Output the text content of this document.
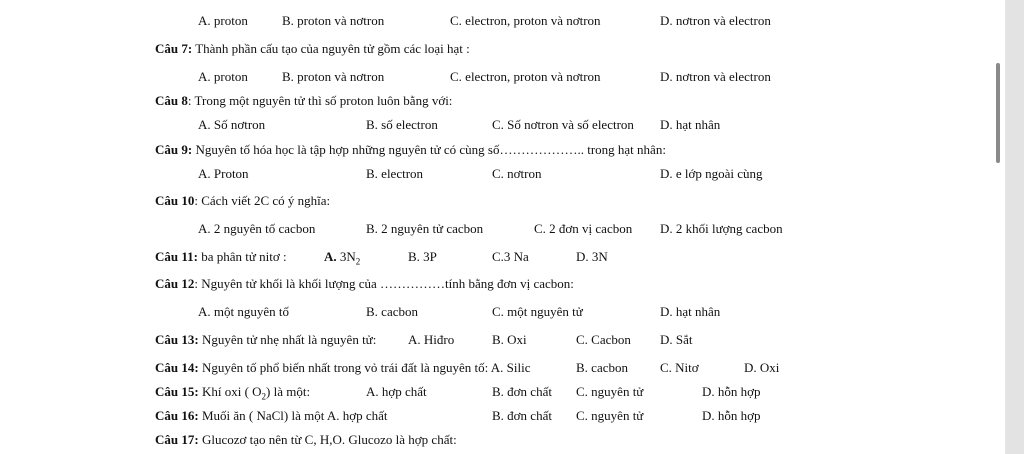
A. proton	B. proton và nơtron	C. electron, proton và nơtron	D. nơtron và electron
Câu 7: Thành phần cấu tạo của nguyên tử gồm các loại hạt :
A. proton	B. proton và nơtron	C. electron, proton và nơtron	D. nơtron và electron
Câu 8: Trong một nguyên tử thì số proton luôn bằng với:
A. Số nơtron	B. số electron	C. Số nơtron và số electron D. hạt nhân
Câu 9: Nguyên tố hóa học là tập hợp những nguyên tử có cùng số……………….. trong hạt nhân:
A. Proton	B. electron	C. nơtron	D. e lớp ngoài cùng
Câu 10: Cách viết 2C có ý nghĩa:
A. 2 nguyên tố cacbon	B. 2 nguyên tử cacbon	C. 2 đơn vị cacbon D. 2 khối lượng cacbon
Câu 11: ba phân tử nitơ :	A. $3N_2$	B. 3P	C.3 Na	D. 3N
Câu 12: Nguyên tử khối là khối lượng của ……………tính bằng đơn vị cacbon:
A. một nguyên tố	B. cacbon	C. một nguyên tử	D. hạt nhân
Câu 13: Nguyên tử nhẹ nhất là nguyên tử: A. Hiđro	B. Oxi	C. Cacbon D. Sắt
Câu 14: Nguyên tố phổ biến nhất trong vỏ trái đất là nguyên tố: A. Silic	B. cacbon C. Nitơ	D. Oxi
Câu 15: Khí oxi ( $O_2$) là một:	A. hợp chất	B. đơn chất C. nguyên tử	D. hỗn hợp
Câu 16: Muối ăn ( NaCl) là một A. hợp chất	B. đơn chất C. nguyên tử	D. hỗn hợp
Câu 17: Glucozơ tạo nên từ C, H,O. Glucozo là hợp chất:
